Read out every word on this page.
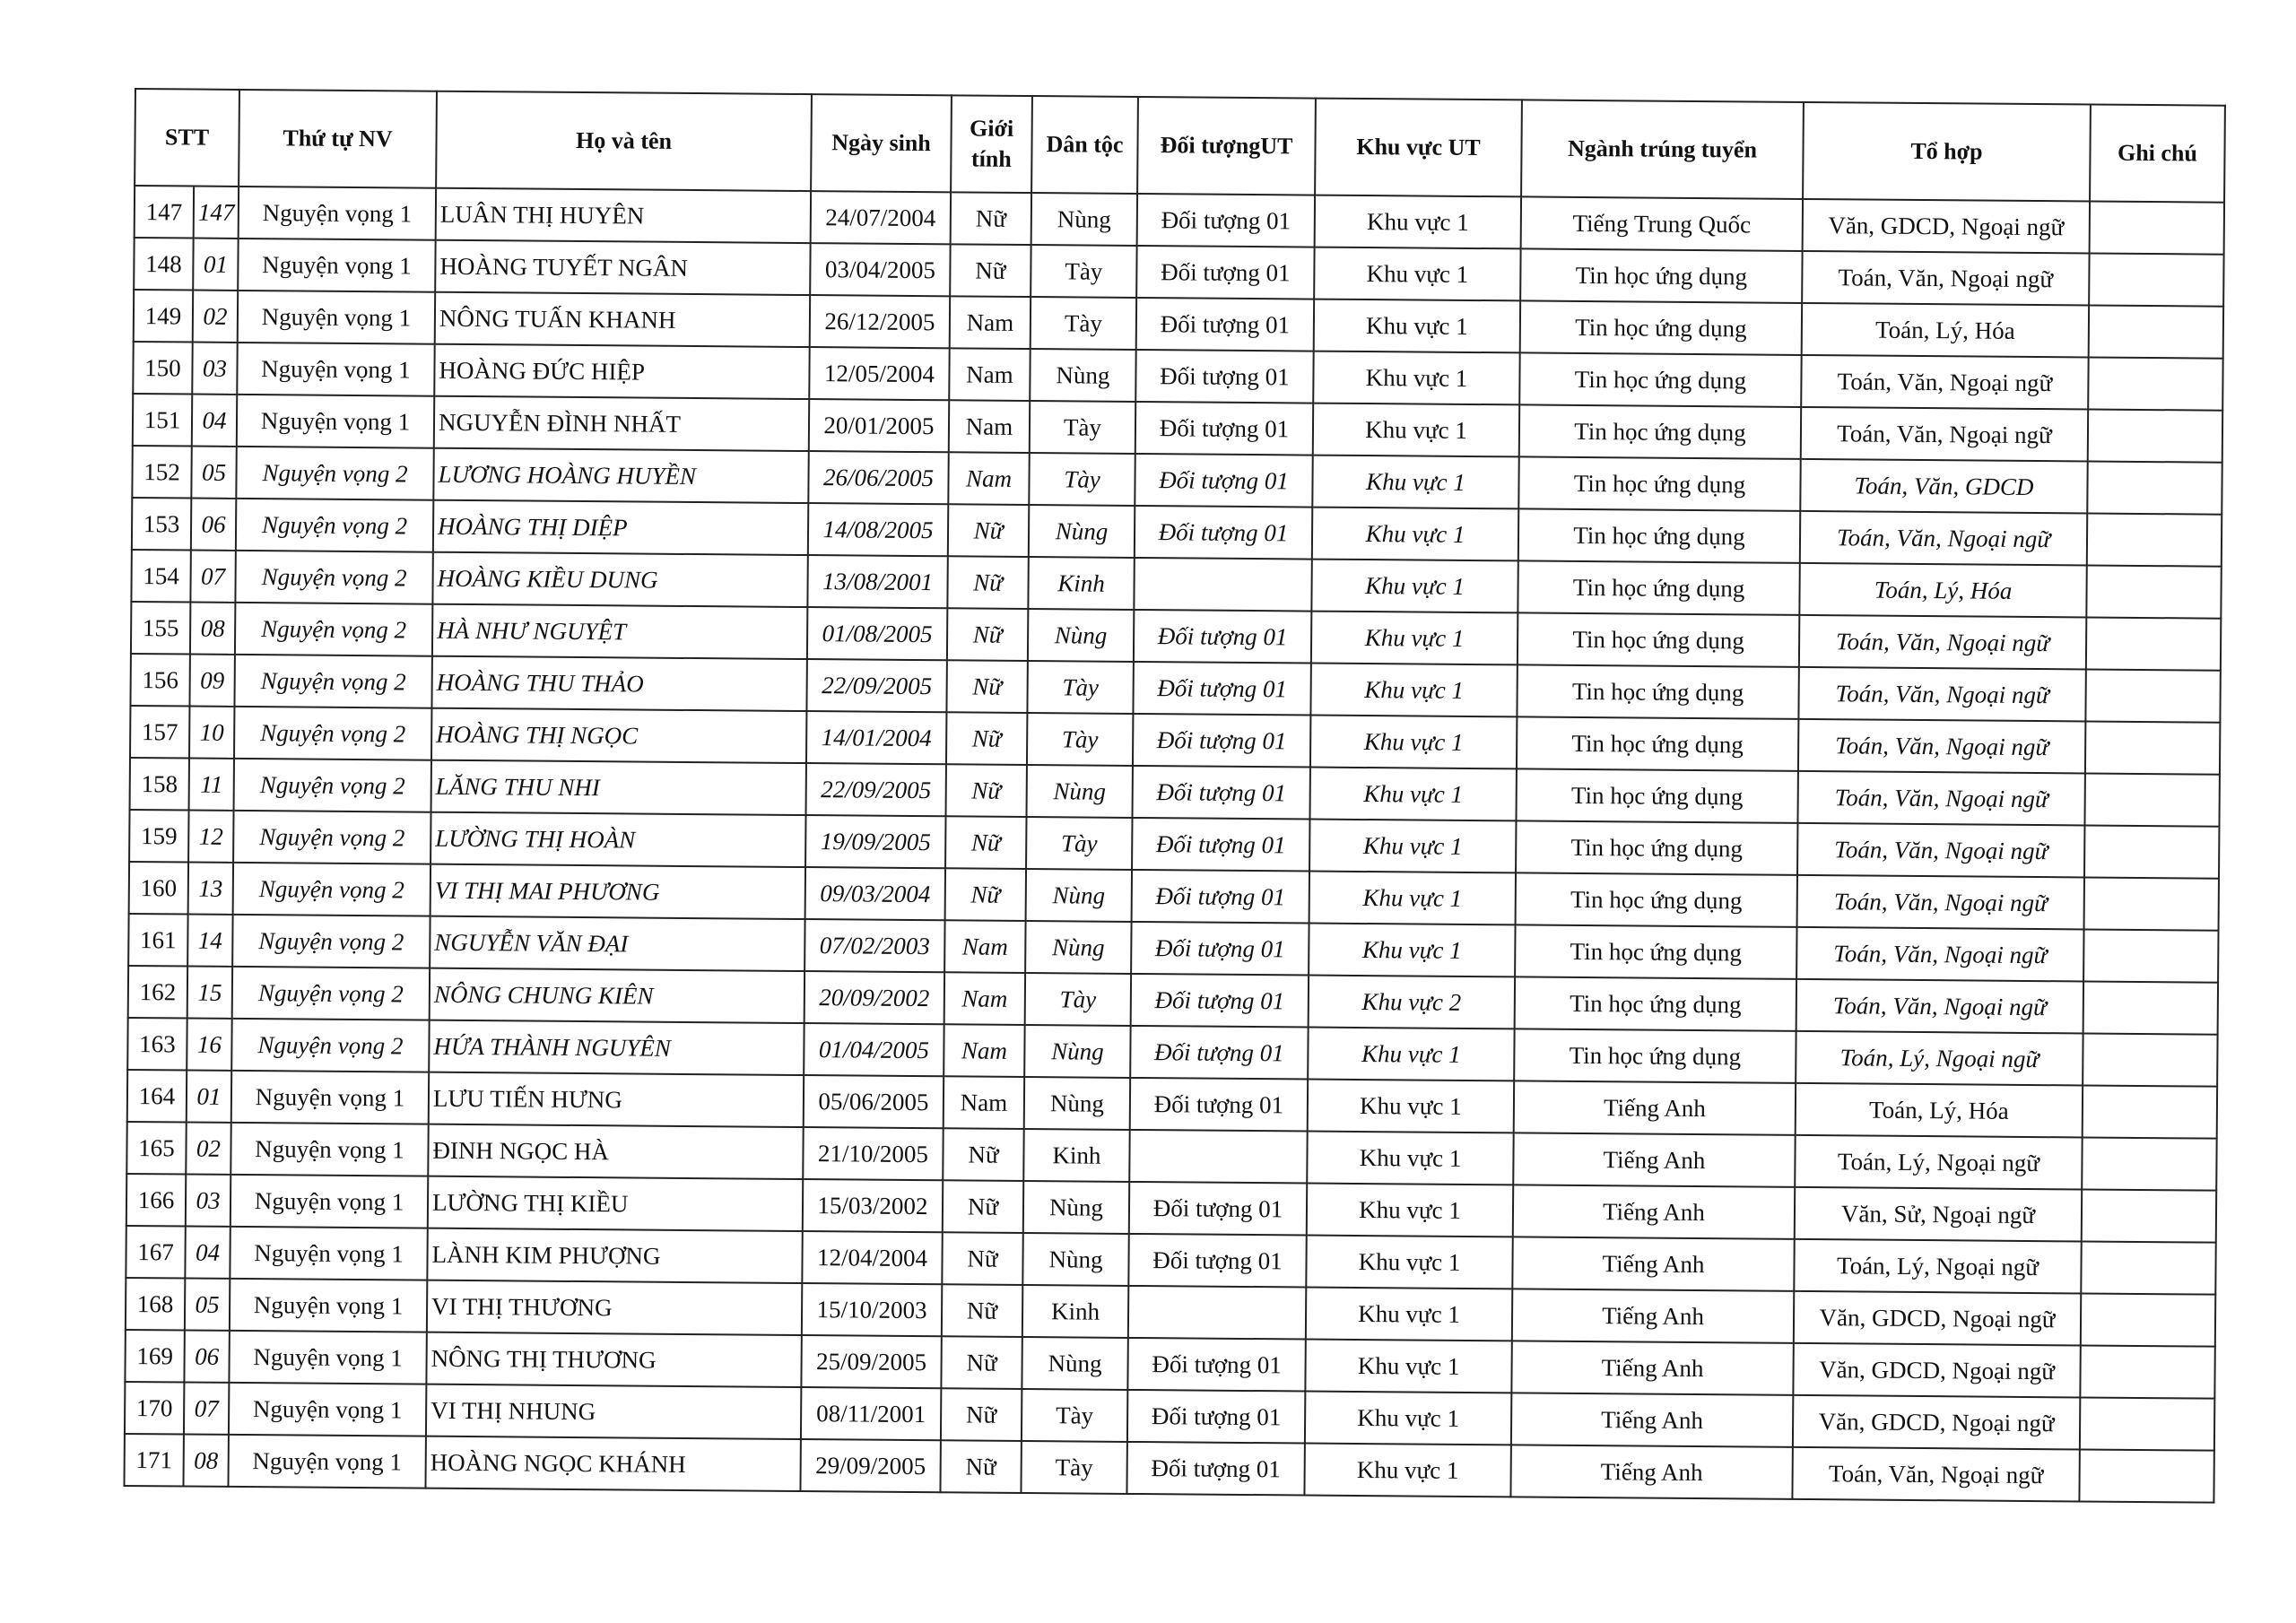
STT		Thứ tự NV	Họ và tên	Ngày sinh	Giới tính	Dân tộc	Đối tượngUT	Khu vực UT	Ngành trúng tuyển	Tổ hợp	Ghi chú
147	147	Nguyện vọng 1	LUÂN THỊ HUYÊN	24/07/2004	Nữ	Nùng	Đối tượng 01	Khu vực 1	Tiếng Trung Quốc	Văn, GDCD, Ngoại ngữ	
148	01	Nguyện vọng 1	HOÀNG TUYẾT NGÂN	03/04/2005	Nữ	Tày	Đối tượng 01	Khu vực 1	Tin học ứng dụng	Toán, Văn, Ngoại ngữ	
149	02	Nguyện vọng 1	NÔNG TUẤN KHANH	26/12/2005	Nam	Tày	Đối tượng 01	Khu vực 1	Tin học ứng dụng	Toán, Lý, Hóa	
150	03	Nguyện vọng 1	HOÀNG ĐỨC HIỆP	12/05/2004	Nam	Nùng	Đối tượng 01	Khu vực 1	Tin học ứng dụng	Toán, Văn, Ngoại ngữ	
151	04	Nguyện vọng 1	NGUYỄN ĐÌNH NHẤT	20/01/2005	Nam	Tày	Đối tượng 01	Khu vực 1	Tin học ứng dụng	Toán, Văn, Ngoại ngữ	
152	05	Nguyện vọng 2	LƯƠNG HOÀNG HUYỀN	26/06/2005	Nam	Tày	Đối tượng 01	Khu vực 1	Tin học ứng dụng	Toán, Văn, GDCD	
153	06	Nguyện vọng 2	HOÀNG THỊ DIỆP	14/08/2005	Nữ	Nùng	Đối tượng 01	Khu vực 1	Tin học ứng dụng	Toán, Văn, Ngoại ngữ	
154	07	Nguyện vọng 2	HOÀNG KIỀU DUNG	13/08/2001	Nữ	Kinh		Khu vực 1	Tin học ứng dụng	Toán, Lý, Hóa	
155	08	Nguyện vọng 2	HÀ NHƯ NGUYỆT	01/08/2005	Nữ	Nùng	Đối tượng 01	Khu vực 1	Tin học ứng dụng	Toán, Văn, Ngoại ngữ	
156	09	Nguyện vọng 2	HOÀNG THU THẢO	22/09/2005	Nữ	Tày	Đối tượng 01	Khu vực 1	Tin học ứng dụng	Toán, Văn, Ngoại ngữ	
157	10	Nguyện vọng 2	HOÀNG THỊ NGỌC	14/01/2004	Nữ	Tày	Đối tượng 01	Khu vực 1	Tin học ứng dụng	Toán, Văn, Ngoại ngữ	
158	11	Nguyện vọng 2	LĂNG THU NHI	22/09/2005	Nữ	Nùng	Đối tượng 01	Khu vực 1	Tin học ứng dụng	Toán, Văn, Ngoại ngữ	
159	12	Nguyện vọng 2	LƯỜNG THỊ HOÀN	19/09/2005	Nữ	Tày	Đối tượng 01	Khu vực 1	Tin học ứng dụng	Toán, Văn, Ngoại ngữ	
160	13	Nguyện vọng 2	VI THỊ MAI PHƯƠNG	09/03/2004	Nữ	Nùng	Đối tượng 01	Khu vực 1	Tin học ứng dụng	Toán, Văn, Ngoại ngữ	
161	14	Nguyện vọng 2	NGUYỄN VĂN ĐẠI	07/02/2003	Nam	Nùng	Đối tượng 01	Khu vực 1	Tin học ứng dụng	Toán, Văn, Ngoại ngữ	
162	15	Nguyện vọng 2	NÔNG CHUNG KIÊN	20/09/2002	Nam	Tày	Đối tượng 01	Khu vực 2	Tin học ứng dụng	Toán, Văn, Ngoại ngữ	
163	16	Nguyện vọng 2	HỨA THÀNH NGUYÊN	01/04/2005	Nam	Nùng	Đối tượng 01	Khu vực 1	Tin học ứng dụng	Toán, Lý, Ngoại ngữ	
164	01	Nguyện vọng 1	LƯU TIẾN HƯNG	05/06/2005	Nam	Nùng	Đối tượng 01	Khu vực 1	Tiếng Anh	Toán, Lý, Hóa	
165	02	Nguyện vọng 1	ĐINH NGỌC HÀ	21/10/2005	Nữ	Kinh		Khu vực 1	Tiếng Anh	Toán, Lý, Ngoại ngữ	
166	03	Nguyện vọng 1	LƯỜNG THỊ KIỀU	15/03/2002	Nữ	Nùng	Đối tượng 01	Khu vực 1	Tiếng Anh	Văn, Sử, Ngoại ngữ	
167	04	Nguyện vọng 1	LÀNH KIM PHƯỢNG	12/04/2004	Nữ	Nùng	Đối tượng 01	Khu vực 1	Tiếng Anh	Toán, Lý, Ngoại ngữ	
168	05	Nguyện vọng 1	VI THỊ THƯƠNG	15/10/2003	Nữ	Kinh		Khu vực 1	Tiếng Anh	Văn, GDCD, Ngoại ngữ	
169	06	Nguyện vọng 1	NÔNG THỊ THƯƠNG	25/09/2005	Nữ	Nùng	Đối tượng 01	Khu vực 1	Tiếng Anh	Văn, GDCD, Ngoại ngữ	
170	07	Nguyện vọng 1	VI THỊ NHUNG	08/11/2001	Nữ	Tày	Đối tượng 01	Khu vực 1	Tiếng Anh	Văn, GDCD, Ngoại ngữ	
171	08	Nguyện vọng 1	HOÀNG NGỌC KHÁNH	29/09/2005	Nữ	Tày	Đối tượng 01	Khu vực 1	Tiếng Anh	Toán, Văn, Ngoại ngữ	
